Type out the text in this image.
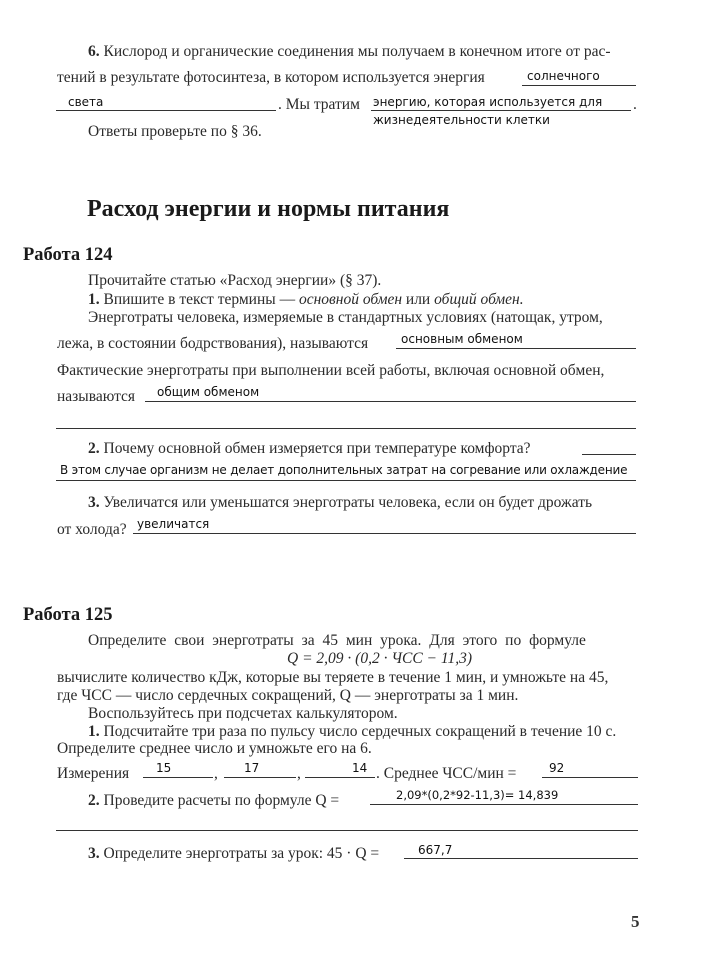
6. Кислород и органические соединения мы получаем в конечном итоге от рас-
тений в результате фотосинтеза, в котором используется энергия	солнечного
света	. Мы тратим энергию, которая используется для .
жизнедеятельности клетки
Ответы проверьте по § 36.
Расход энергии и нормы питания
Работа 124
Прочитайте статью «Расход энергии» (§ 37).
1. Впишите в текст термины — основной обмен или общий обмен.
Энерготраты человека, измеряемые в стандартных условиях (натощак, утром,
лежа, в состоянии бодрствования), называются	основным обменом
Фактические энерготраты при выполнении всей работы, включая основной обмен,
называются общим обменом
2. Почему основной обмен измеряется при температуре комфорта?
В этом случае организм не делает дополнительных затрат на согревание или охлаждение
3. Увеличатся или уменьшатся энерготраты человека, если он будет дрожать
от холода? увеличатся
Работа 125
Определите свои энерготраты за 45 мин урока. Для этого по формуле
Q = 2,09 · (0,2 · ЧСС − 11,3)
вычислите количество кДж, которые вы теряете в течение 1 мин, и умножьте на 45,
где ЧСС — число сердечных сокращений, Q — энерготраты за 1 мин.
Воспользуйтесь при подсчетах калькулятором.
1. Подсчитайте три раза по пульсу число сердечных сокращений в течение 10 с.
Определите среднее число и умножьте его на 6.
Измерения 15	, 17 ,	14 . Среднее ЧСС/мин =	92
2. Проведите расчеты по формуле Q =	2,09*(0,2*92-11,3)= 14,839
3. Определите энерготраты за урок: 45 · Q =	667,7
5
